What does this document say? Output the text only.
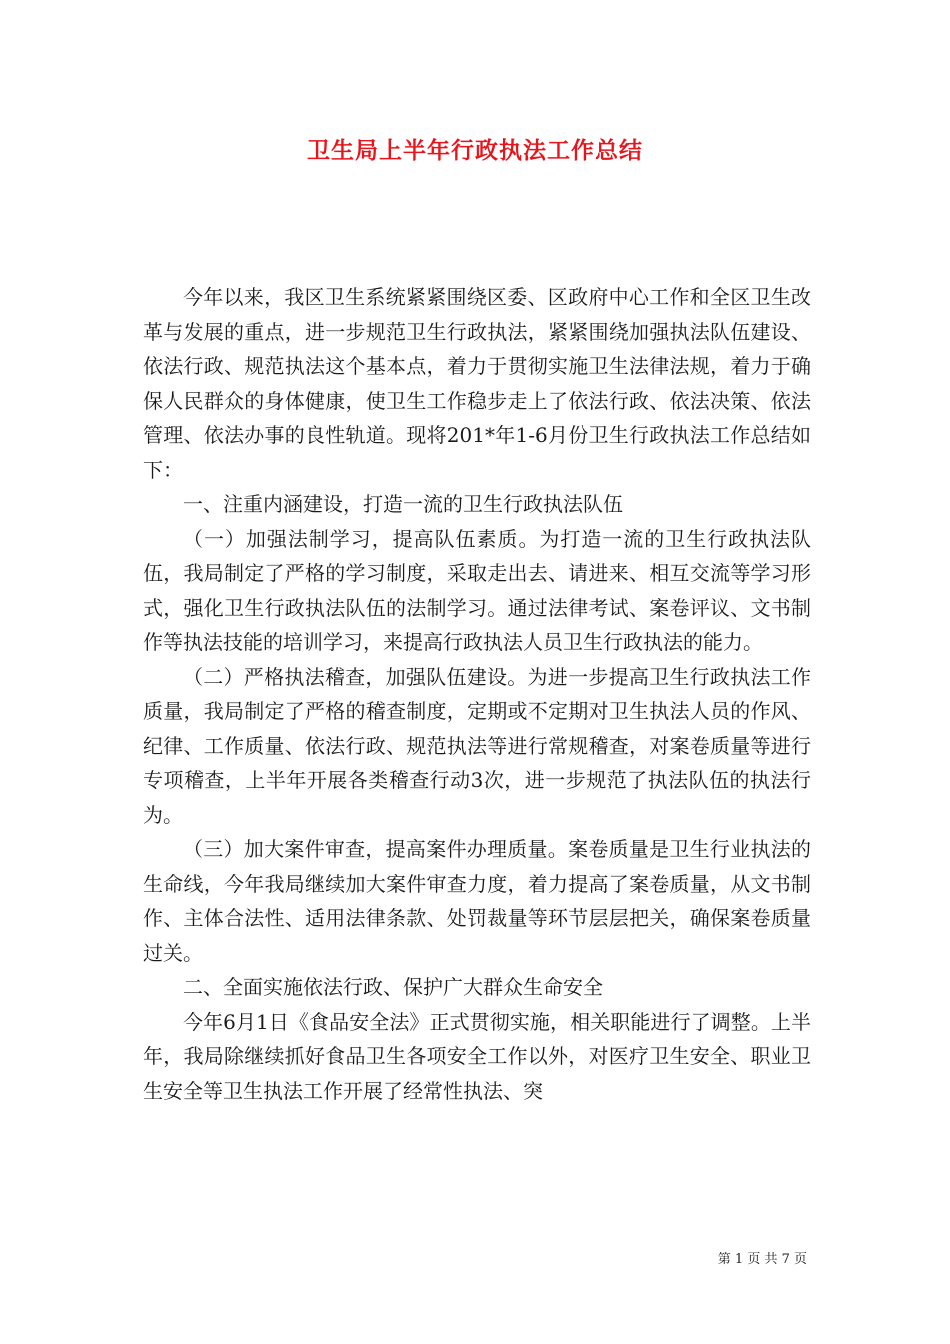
卫生局上半年行政执法工作总结

今年以来，我区卫生系统紧紧围绕区委、区政府中心工作和全区卫生改革与发展的重点，进一步规范卫生行政执法，紧紧围绕加强执法队伍建设、依法行政、规范执法这个基本点，着力于贯彻实施卫生法律法规，着力于确保人民群众的身体健康，使卫生工作稳步走上了依法行政、依法决策、依法管理、依法办事的良性轨道。现将201*年1-6月份卫生行政执法工作总结如下：

一、注重内涵建设，打造一流的卫生行政执法队伍

（一）加强法制学习，提高队伍素质。为打造一流的卫生行政执法队伍，我局制定了严格的学习制度，采取走出去、请进来、相互交流等学习形式，强化卫生行政执法队伍的法制学习。通过法律考试、案卷评议、文书制作等执法技能的培训学习，来提高行政执法人员卫生行政执法的能力。

（二）严格执法稽查，加强队伍建设。为进一步提高卫生行政执法工作质量，我局制定了严格的稽查制度，定期或不定期对卫生执法人员的作风、纪律、工作质量、依法行政、规范执法等进行常规稽查，对案卷质量等进行专项稽查，上半年开展各类稽查行动3次，进一步规范了执法队伍的执法行为。

（三）加大案件审查，提高案件办理质量。案卷质量是卫生行业执法的生命线，今年我局继续加大案件审查力度，着力提高了案卷质量，从文书制作、主体合法性、适用法律条款、处罚裁量等环节层层把关，确保案卷质量过关。

二、全面实施依法行政、保护广大群众生命安全

今年6月1日《食品安全法》正式贯彻实施，相关职能进行了调整。上半年，我局除继续抓好食品卫生各项安全工作以外，对医疗卫生安全、职业卫生安全等卫生执法工作开展了经常性执法、突

第 1 页 共 7 页
